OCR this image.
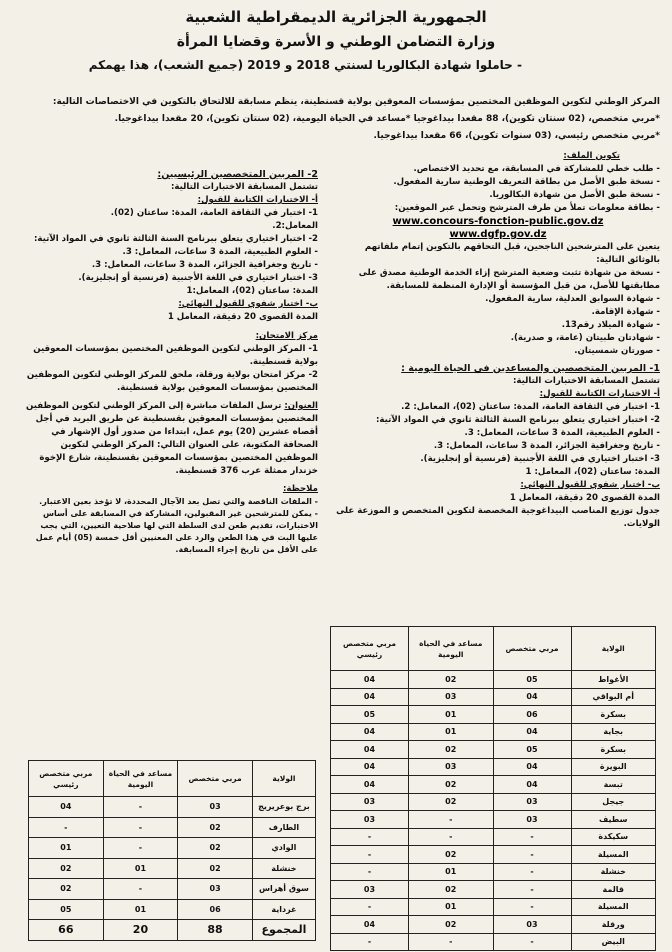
الجمهورية الجزائرية الديمقراطية الشعبية
وزارة التضامن الوطني و الأسرة وقضايا المرأة
- حاملوا شهادة البكالوريا لسنتي 2018 و 2019 (جميع الشعب)، هذا يهمكم

المركز الوطني لتكوين الموظفين المختصين بمؤسسات المعوقين بولاية قسنطينة، ينظم مسابقة للالتحاق بالتكوين في الاختصاصات التالية:

*مربي متخصص، (02 سنتان تكوين)، 88 مقعدا بيداغوجيا *مساعد في الحياة اليومية، (02 سنتان تكوين)، 20 مقعدا بيداغوجيا.

*مربي متخصص رئيسي، (03 سنوات تكوين)، 66 مقعدا بيداغوجيا.

تكوين الملف:

- طلب خطي للمشاركة في المسابقة، مع تحديد الاختصاص.

- نسخة طبق الأصل من بطاقة التعريف الوطنية سارية المفعول.

- نسخة طبق الأصل من شهادة البكالوريا.

- بطاقة معلومات تملأ من طرف المترشح وتحمل عبر الموقعين:

www.concours-fonction-public.gov.dz

www.dgfp.gov.dz

يتعين على المترشحين الناجحين، قبل التحاقهم بالتكوين إتمام ملفاتهم بالوثائق التالية:

- نسخة من شهادة تثبت وضعية المترشح إزاء الخدمة الوطنية مصدق على مطابقتها للأصل، من قبل المؤسسة أو الإدارة المنظمة للمسابقة.

- شهادة السوابق العدلية، سارية المفعول.

- شهادة الإقامة.

- شهادة الميلاد رقم13.

- شهادتان طبيتان (عامة، و صدرية).

- صورتان شمسيتان.

1- المربين المتخصصين والمساعدين في الحياة اليومية :

تشتمل المسابقة الاختبارات التالية:

أ- الاختبارات الكتابية للقبول:

1- اختبار في الثقافة العامة، المدة: ساعتان (02)، المعامل: 2.

2- اختبار اختياري يتعلق ببرنامج السنة الثالثة ثانوي في المواد الآتية:

- العلوم الطبيعية، المدة 3 ساعات، المعامل: 3.

- تاريخ وجغرافية الجزائر، المدة 3 ساعات، المعامل: 3.

3- اختبار اختياري في اللغة الأجنبية (فرنسية أو إنجليزية).

المدة: ساعتان (02)، المعامل: 1

ب- اختبار شفوي للقبول النهائي:

المدة القصوى 20 دقيقة، المعامل 1

جدول توزيع المناصب البيداغوجية المخصصة لتكوين المتخصص و الموزعة على الولايات.

2- المربين المتخصصين الرئيسيين:

تشتمل المسابقة الاختبارات التالية:

أ- الاختبارات الكتابية للقبول:

1- اختبار في الثقافة العامة، المدة: ساعتان (02).

المعامل:2.

2- اختبار اختياري يتعلق ببرنامج السنة الثالثة ثانوي في المواد الآتية:

- العلوم الطبيعية، المدة 3 ساعات، المعامل: 3.

- تاريخ وجغرافية الجزائر، المدة 3 ساعات، المعامل: 3.

3- اختبار اختياري في اللغة الأجنبية (فرنسية أو إنجليزية).

المدة: ساعتان (02)، المعامل:1

ب- اختبار شفوي للقبول النهائي:

المدة القصوى 20 دقيقة، المعامل 1

مركز الامتحان:

1- المركز الوطني لتكوين الموظفين المختصين بمؤسسات المعوقين بولاية قسنطينة.

2- مركز امتحان بولاية ورقلة، ملحق للمركز الوطني لتكوين الموظفين المختصين بمؤسسات المعوقين بولاية قسنطينة.

العنوان: ترسل الملفات مباشرة إلى المركز الوطني لتكوين الموظفين المختصين بمؤسسات المعوقين بقسنطينة عن طريق البريد في أجل أقصاه عشرين (20) يوم عمل، ابتداءا من صدور أول الإشهار في الصحافة المكتوبة، على العنوان التالي: المركز الوطني لتكوين الموظفين المختصين بمؤسسات المعوقين بقسنطينة، شارع الإخوة خزندار ممثلة عرب 376 قسنطينة.

ملاحظة:

- الملفات الناقصة والتي تصل بعد الآجال المحددة، لا تؤخذ بعين الاعتبار.

- يمكن للمترشحين غير المقبولين، المشاركة في المسابقة على أساس الاختبارات، تقديم طعن لدى السلطة التي لها صلاحية التعيين، التي يجب عليها البت في هذا الطعن والرد على المعنيين أقل خمسة (05) أيام عمل على الأقل من تاريخ إجراء المسابقة.

الولاية	مربي متخصص	مساعد في الحياة اليومية	مربي متخصص رئيسي
الأغواط	05	02	04
أم البواقي	04	03	04
بسكرة	06	01	05
بجاية	04	01	04
بسكرة	05	02	04
البويرة	04	03	04
تبسة	04	02	04
جيجل	03	02	03
سطيف	03	-	03
سكيكدة	-	-	-
المسيلة	-	02	-
خنشلة	-	01	-
قالمة	-	02	03
المسيلة	-	01	-
ورقلة	03	02	04
البيض	-	-	-
الولاية	مربي متخصص	مساعد في الحياة اليومية	مربي متخصص رئيسي
برج بوعريريج	03	-	04
الطارف	02	-	-
الوادي	02	-	01
خنشلة	02	01	02
سوق أهراس	03	-	02
غرداية	06	01	05
المجموع	88	20	66
